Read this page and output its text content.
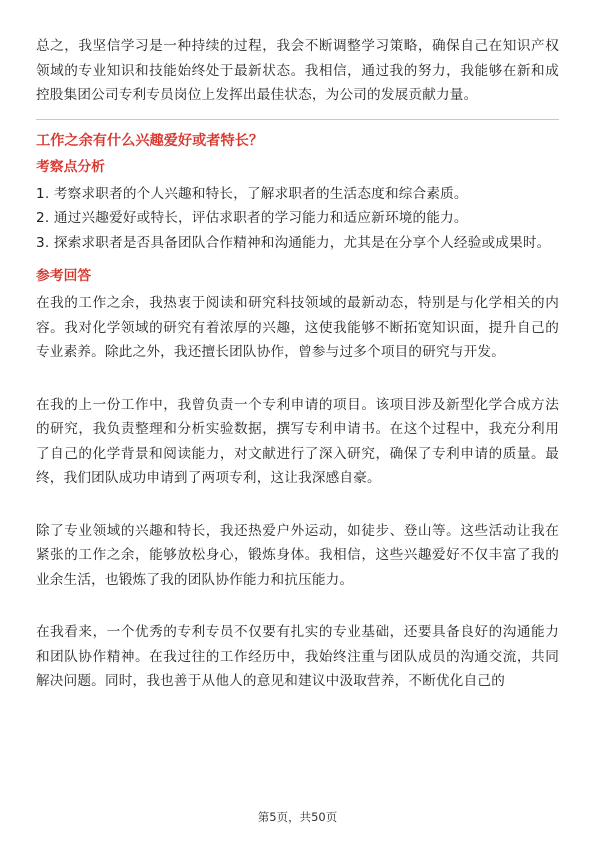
总之，我坚信学习是一种持续的过程，我会不断调整学习策略，确保自己在知识产权领域的专业知识和技能始终处于最新状态。我相信，通过我的努力，我能够在新和成控股集团公司专利专员岗位上发挥出最佳状态，为公司的发展贡献力量。

工作之余有什么兴趣爱好或者特长？

考察点分析

1. 考察求职者的个人兴趣和特长，了解求职者的生活态度和综合素质。
2. 通过兴趣爱好或特长，评估求职者的学习能力和适应新环境的能力。
3. 探索求职者是否具备团队合作精神和沟通能力，尤其是在分享个人经验或成果时。

参考回答

在我的工作之余，我热衷于阅读和研究科技领域的最新动态，特别是与化学相关的内容。我对化学领域的研究有着浓厚的兴趣，这使我能够不断拓宽知识面，提升自己的专业素养。除此之外，我还擅长团队协作，曾参与过多个项目的研究与开发。

在我的上一份工作中，我曾负责一个专利申请的项目。该项目涉及新型化学合成方法的研究，我负责整理和分析实验数据，撰写专利申请书。在这个过程中，我充分利用了自己的化学背景和阅读能力，对文献进行了深入研究，确保了专利申请的质量。最终，我们团队成功申请到了两项专利，这让我深感自豪。

除了专业领域的兴趣和特长，我还热爱户外运动，如徒步、登山等。这些活动让我在紧张的工作之余，能够放松身心，锻炼身体。我相信，这些兴趣爱好不仅丰富了我的业余生活，也锻炼了我的团队协作能力和抗压能力。

在我看来，一个优秀的专利专员不仅要有扎实的专业基础，还要具备良好的沟通能力和团队协作精神。在我过往的工作经历中，我始终注重与团队成员的沟通交流，共同解决问题。同时，我也善于从他人的意见和建议中汲取营养，不断优化自己的

第5页，共50页
